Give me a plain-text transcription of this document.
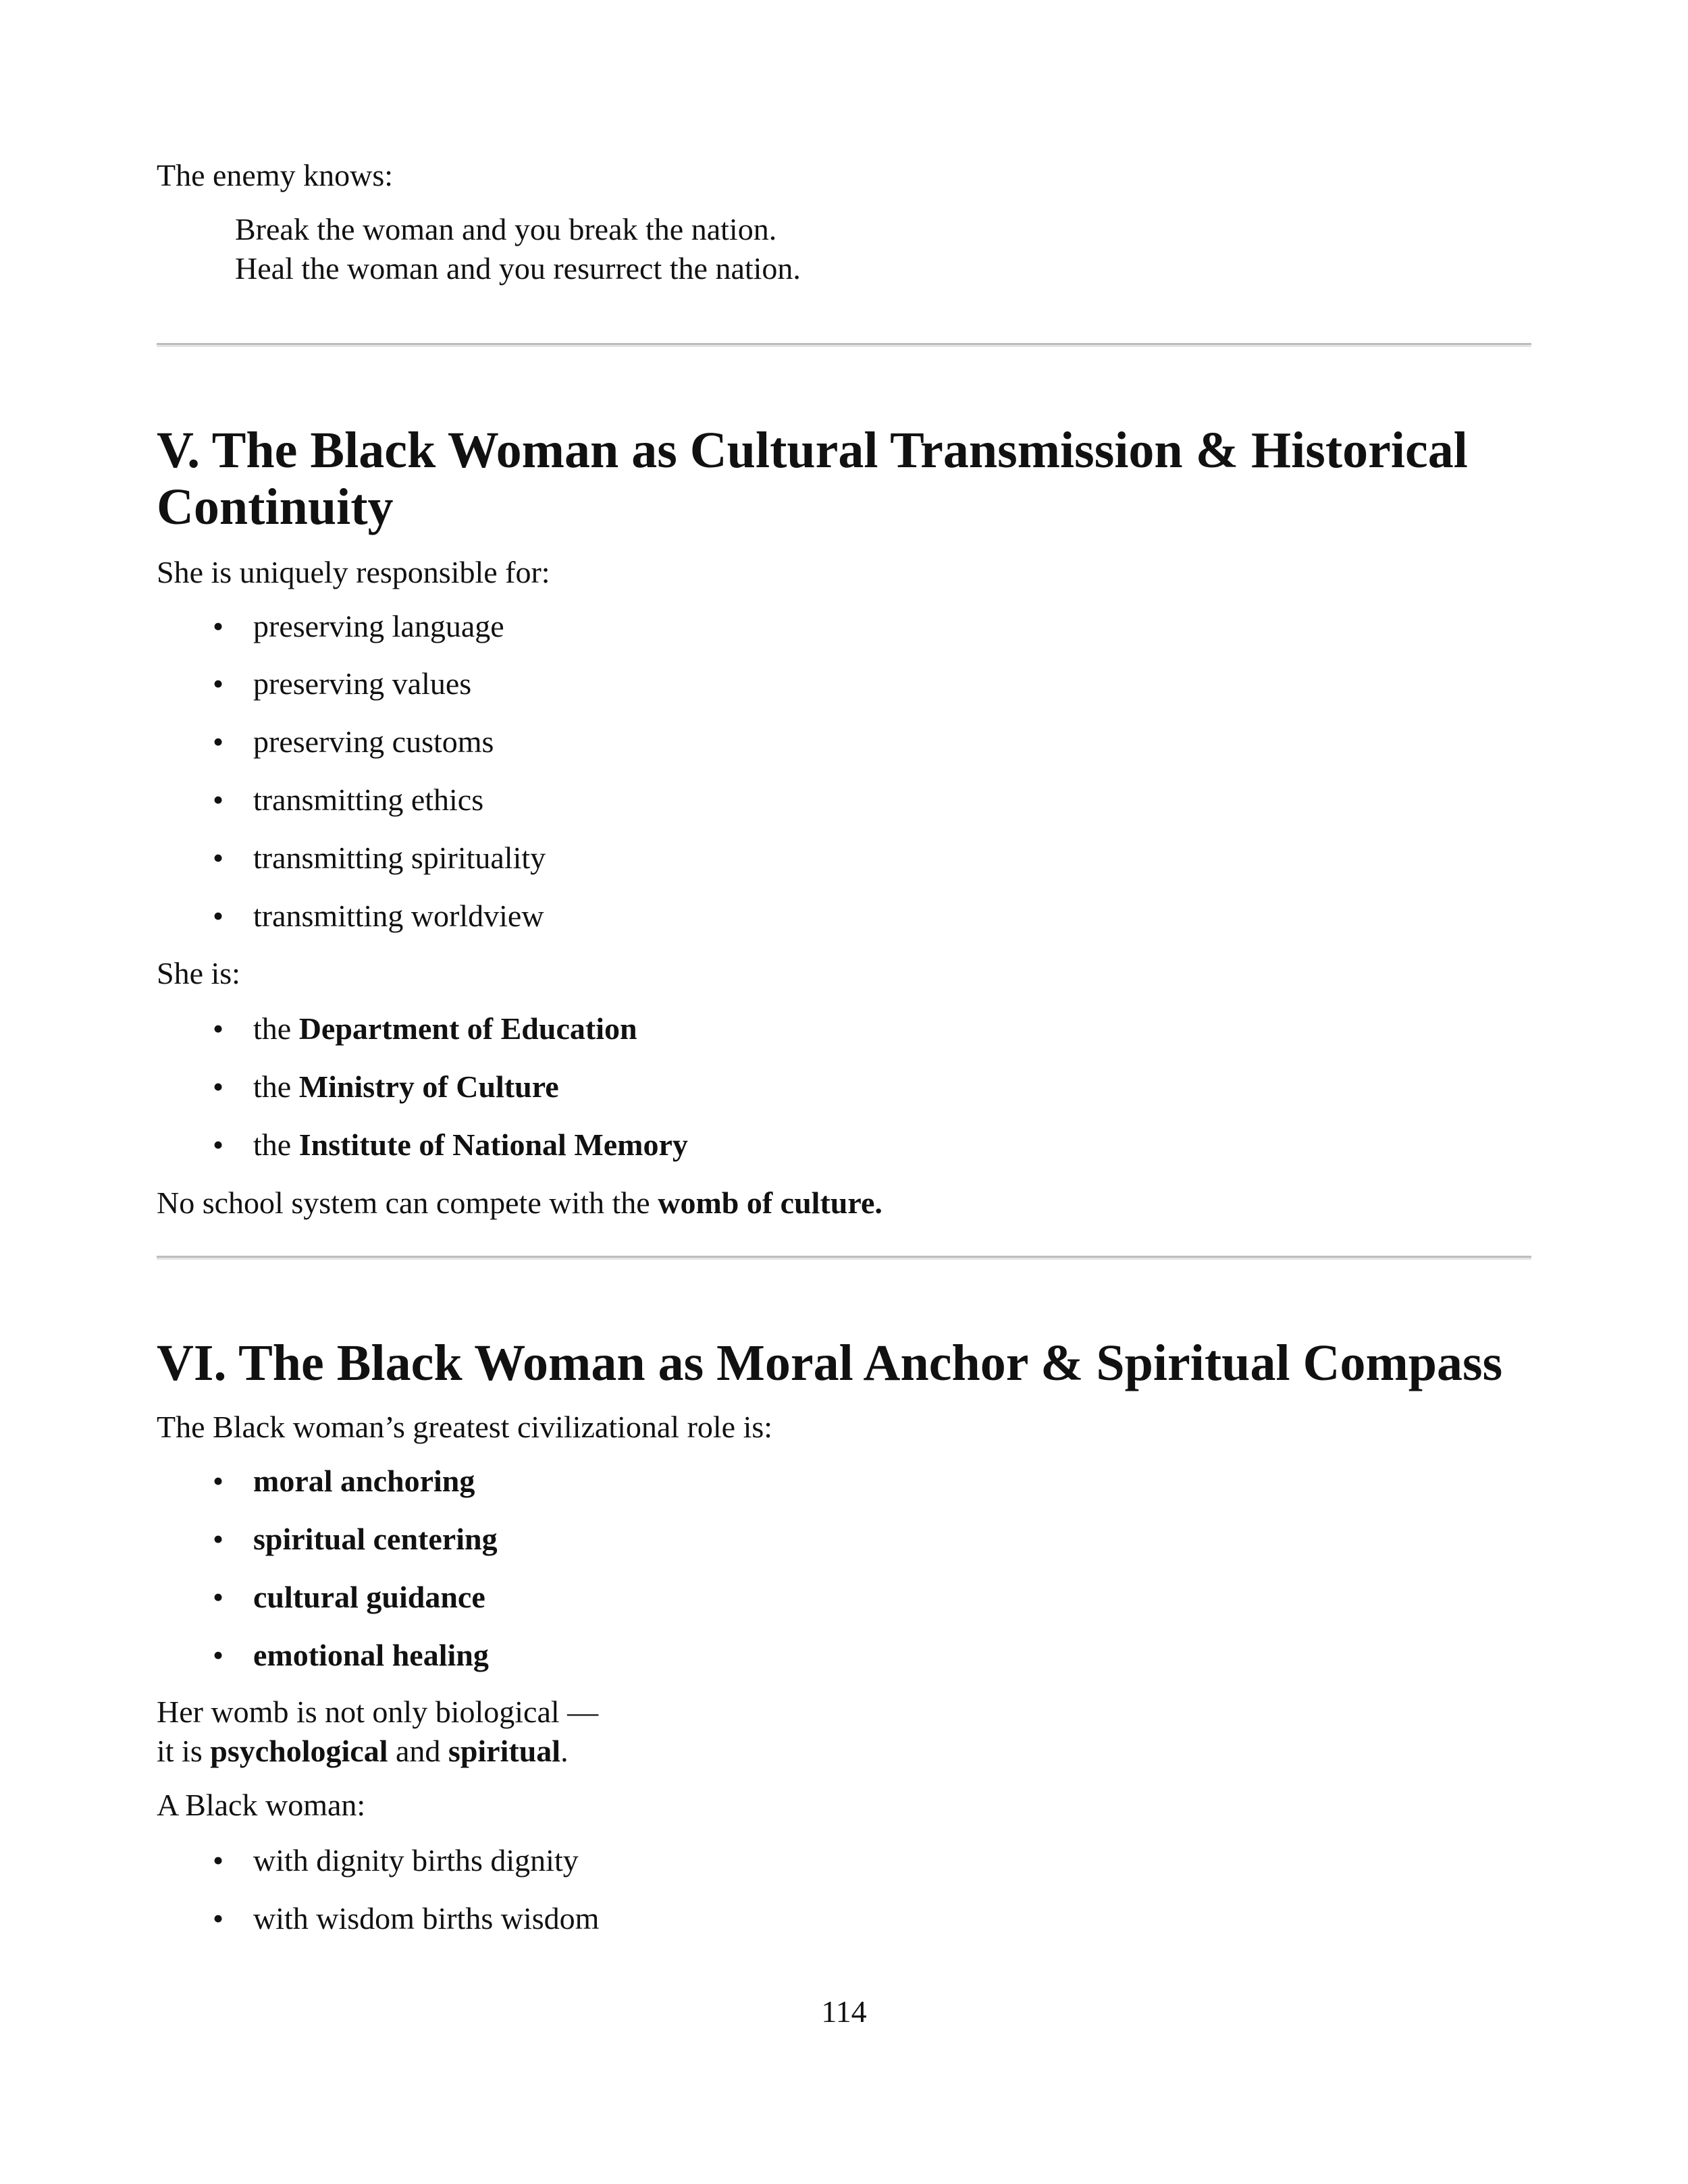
The enemy knows:
Break the woman and you break the nation.
Heal the woman and you resurrect the nation.
V. The Black Woman as Cultural Transmission & Historical
Continuity
She is uniquely responsible for:
• preserving language
• preserving values
• preserving customs
• transmitting ethics
• transmitting spirituality
• transmitting worldview
She is:
• the Department of Education
• the Ministry of Culture
• the Institute of National Memory
No school system can compete with the womb of culture.
VI. The Black Woman as Moral Anchor & Spiritual Compass
The Black woman’s greatest civilizational role is:
• moral anchoring
• spiritual centering
• cultural guidance
• emotional healing
Her womb is not only biological —
it is psychological and spiritual.
A Black woman:
• with dignity births dignity
• with wisdom births wisdom
114
